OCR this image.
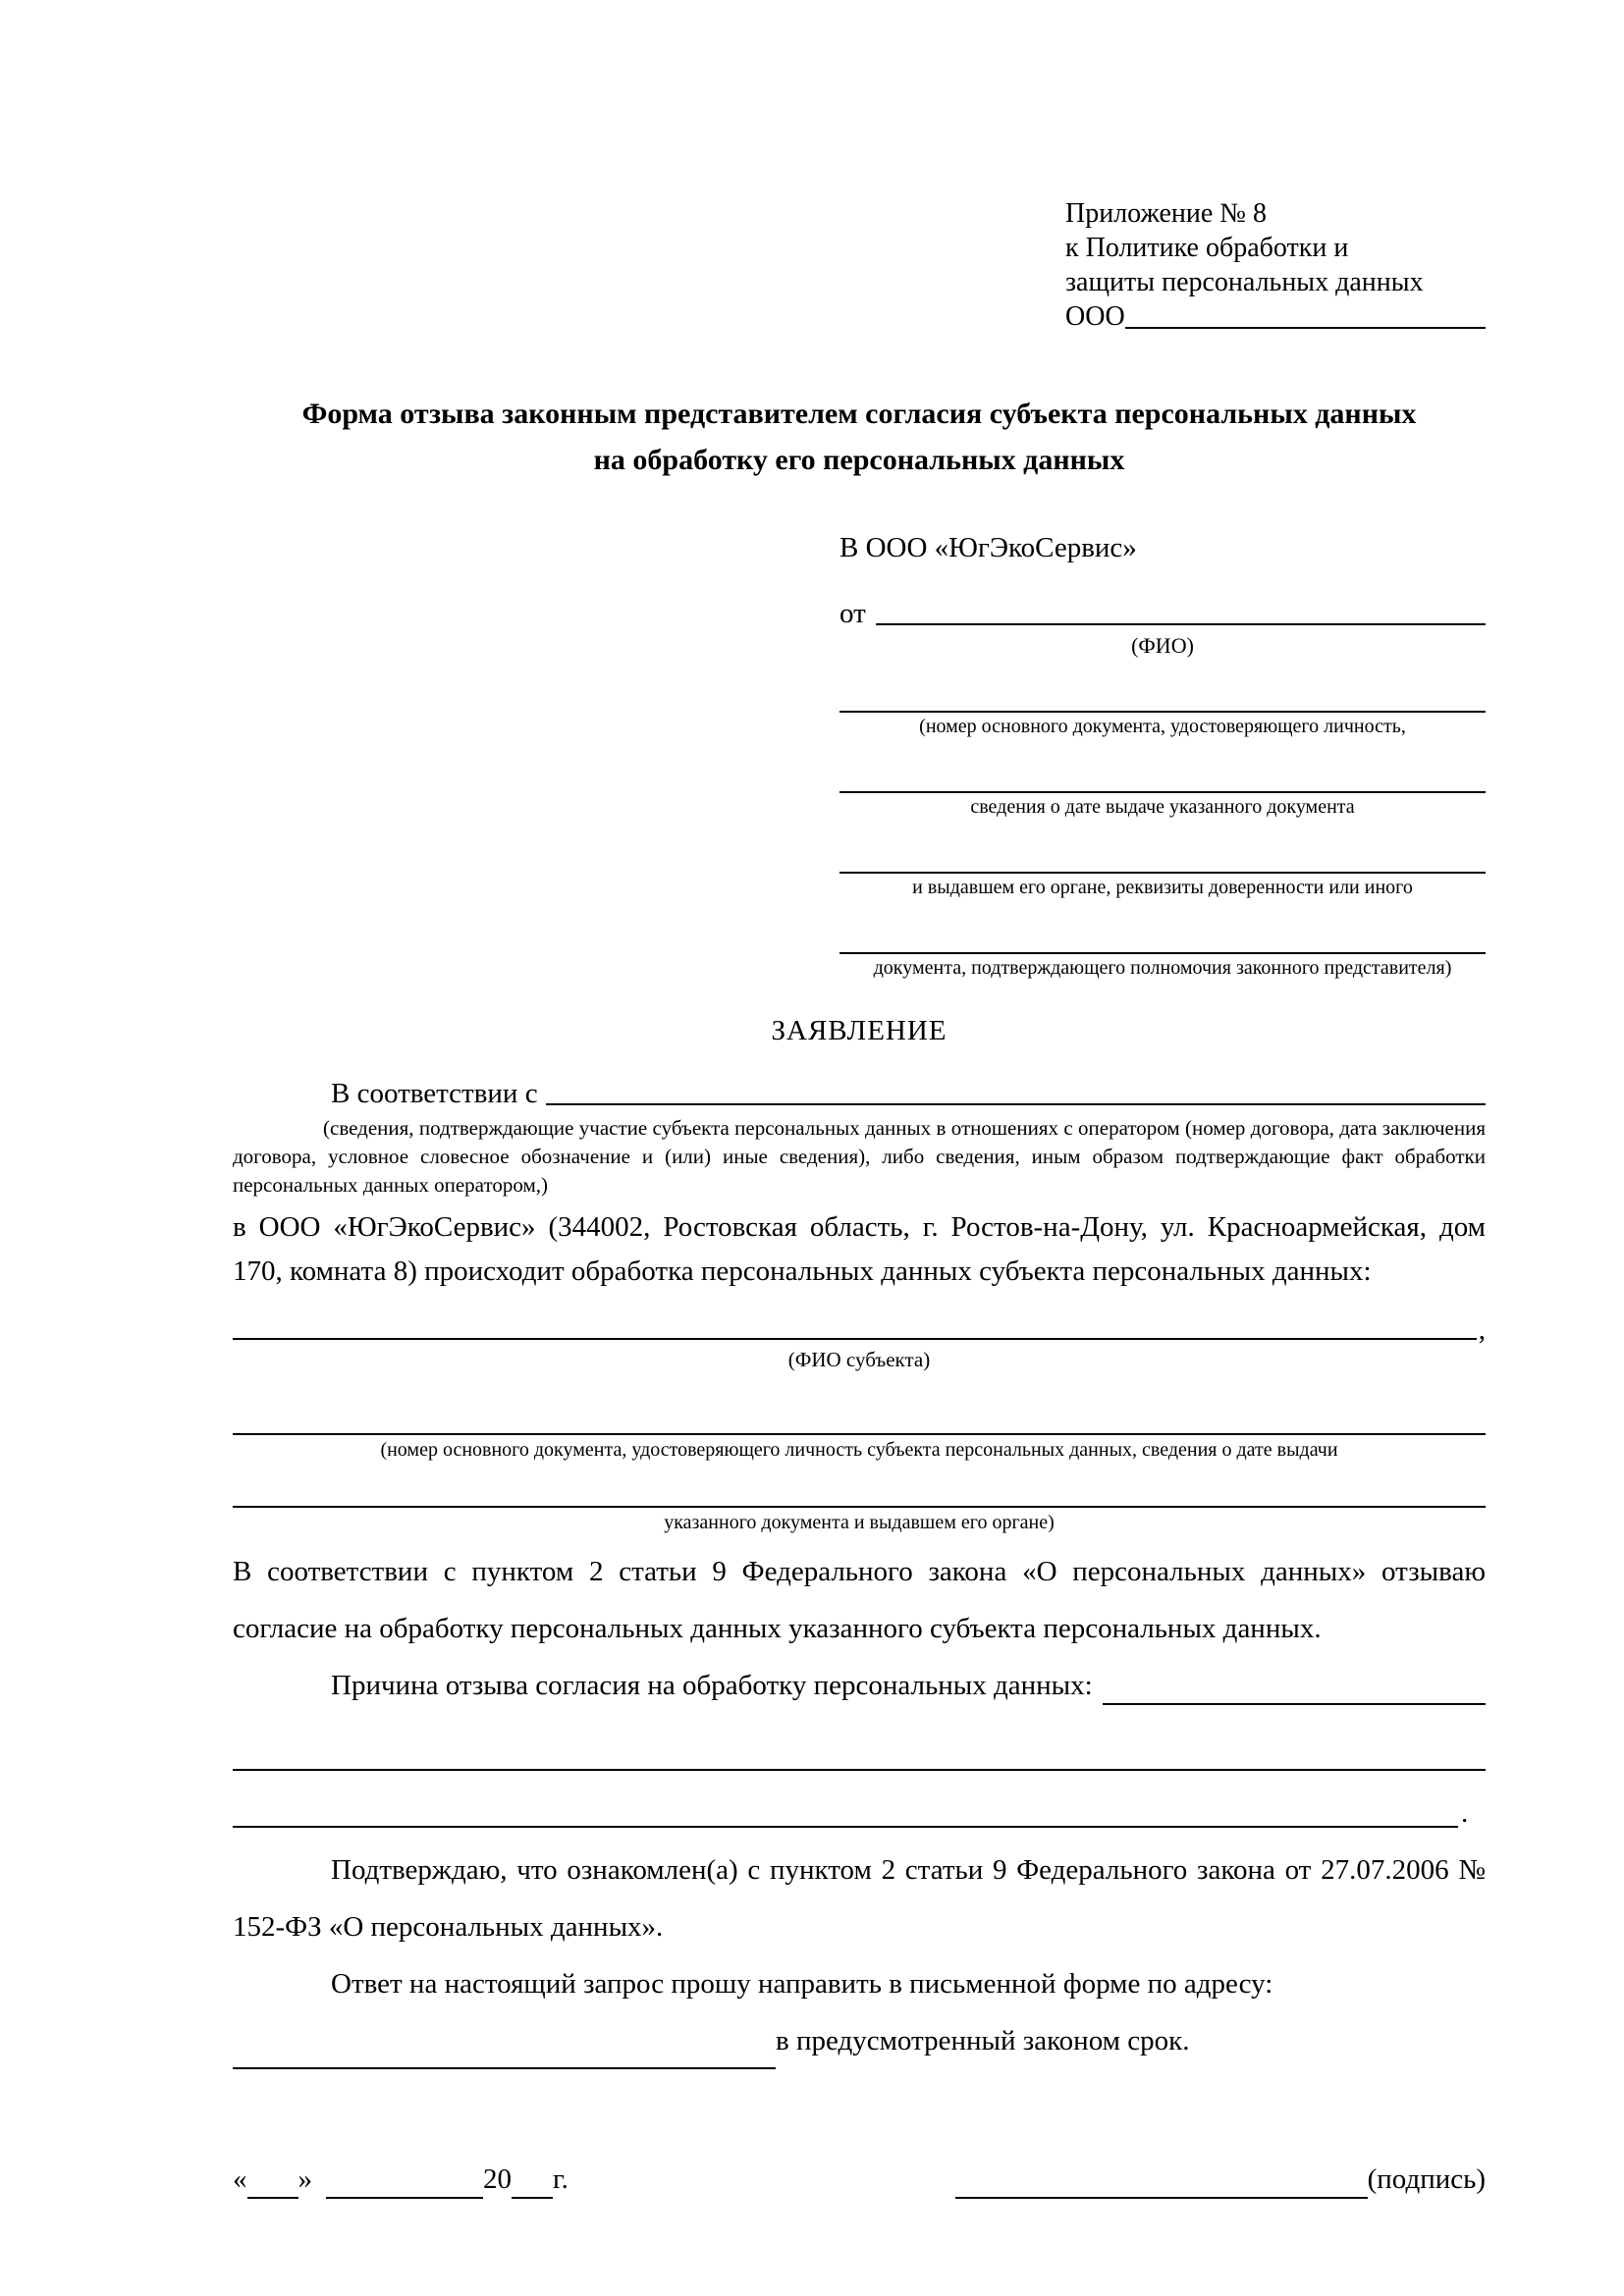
Приложение № 8
к Политике обработки и
защиты персональных данных
ООО
Форма отзыва законным представителем согласия субъекта персональных данных на обработку его персональных данных
В ООО «ЮгЭкоСервис»
от
(ФИО)
(номер основного документа, удостоверяющего личность,
сведения о дате выдаче указанного документа
и выдавшем его органе, реквизиты доверенности или иного
документа, подтверждающего полномочия законного представителя)
ЗАЯВЛЕНИЕ
В соответствии с
(сведения, подтверждающие участие субъекта персональных данных в отношениях с оператором (номер договора, дата заключения договора, условное словесное обозначение и (или) иные сведения), либо сведения, иным образом подтверждающие факт обработки персональных данных оператором,)
в ООО «ЮгЭкоСервис» (344002, Ростовская область, г. Ростов-на-Дону, ул. Красноармейская, дом 170, комната 8) происходит обработка персональных данных субъекта персональных данных:
,
(ФИО субъекта)
(номер основного документа, удостоверяющего личность субъекта персональных данных, сведения о дате выдачи
указанного документа и выдавшем его органе)
В соответствии с пунктом 2 статьи 9 Федерального закона «О персональных данных» отзываю согласие на обработку персональных данных указанного субъекта персональных данных.
Причина отзыва согласия на обработку персональных данных:
.
Подтверждаю, что ознакомлен(а) с пунктом 2 статьи 9 Федерального закона от 27.07.2006 № 152-ФЗ «О персональных данных».
Ответ на настоящий запрос прошу направить в письменной форме по адресу:
в предусмотренный законом срок.
« »	20 г.	(подпись)
